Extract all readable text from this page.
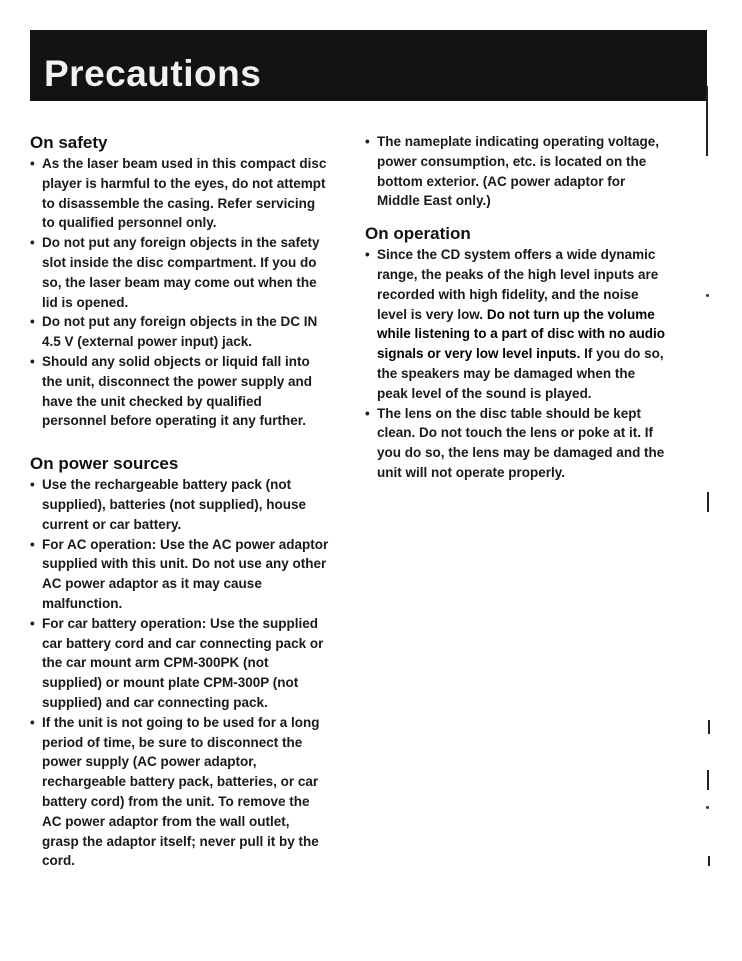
Precautions
On safety
• As the laser beam used in this compact disc player is harmful to the eyes, do not attempt to disassemble the casing. Refer servicing to qualified personnel only.
• Do not put any foreign objects in the safety slot inside the disc compartment. If you do so, the laser beam may come out when the lid is opened.
• Do not put any foreign objects in the DC IN 4.5 V (external power input) jack.
• Should any solid objects or liquid fall into the unit, disconnect the power supply and have the unit checked by qualified personnel before operating it any further.
On power sources
• Use the rechargeable battery pack (not supplied), batteries (not supplied), house current or car battery.
• For AC operation: Use the AC power adaptor supplied with this unit. Do not use any other AC power adaptor as it may cause malfunction.
• For car battery operation: Use the supplied car battery cord and car connecting pack or the car mount arm CPM-300PK (not supplied) or mount plate CPM-300P (not supplied) and car connecting pack.
• If the unit is not going to be used for a long period of time, be sure to disconnect the power supply (AC power adaptor, rechargeable battery pack, batteries, or car battery cord) from the unit. To remove the AC power adaptor from the wall outlet, grasp the adaptor itself; never pull it by the cord.
• The nameplate indicating operating voltage, power consumption, etc. is located on the bottom exterior. (AC power adaptor for Middle East only.)
On operation
• Since the CD system offers a wide dynamic range, the peaks of the high level inputs are recorded with high fidelity, and the noise level is very low. Do not turn up the volume while listening to a part of disc with no audio signals or very low level inputs. If you do so, the speakers may be damaged when the peak level of the sound is played.
• The lens on the disc table should be kept clean. Do not touch the lens or poke at it. If you do so, the lens may be damaged and the unit will not operate properly.
